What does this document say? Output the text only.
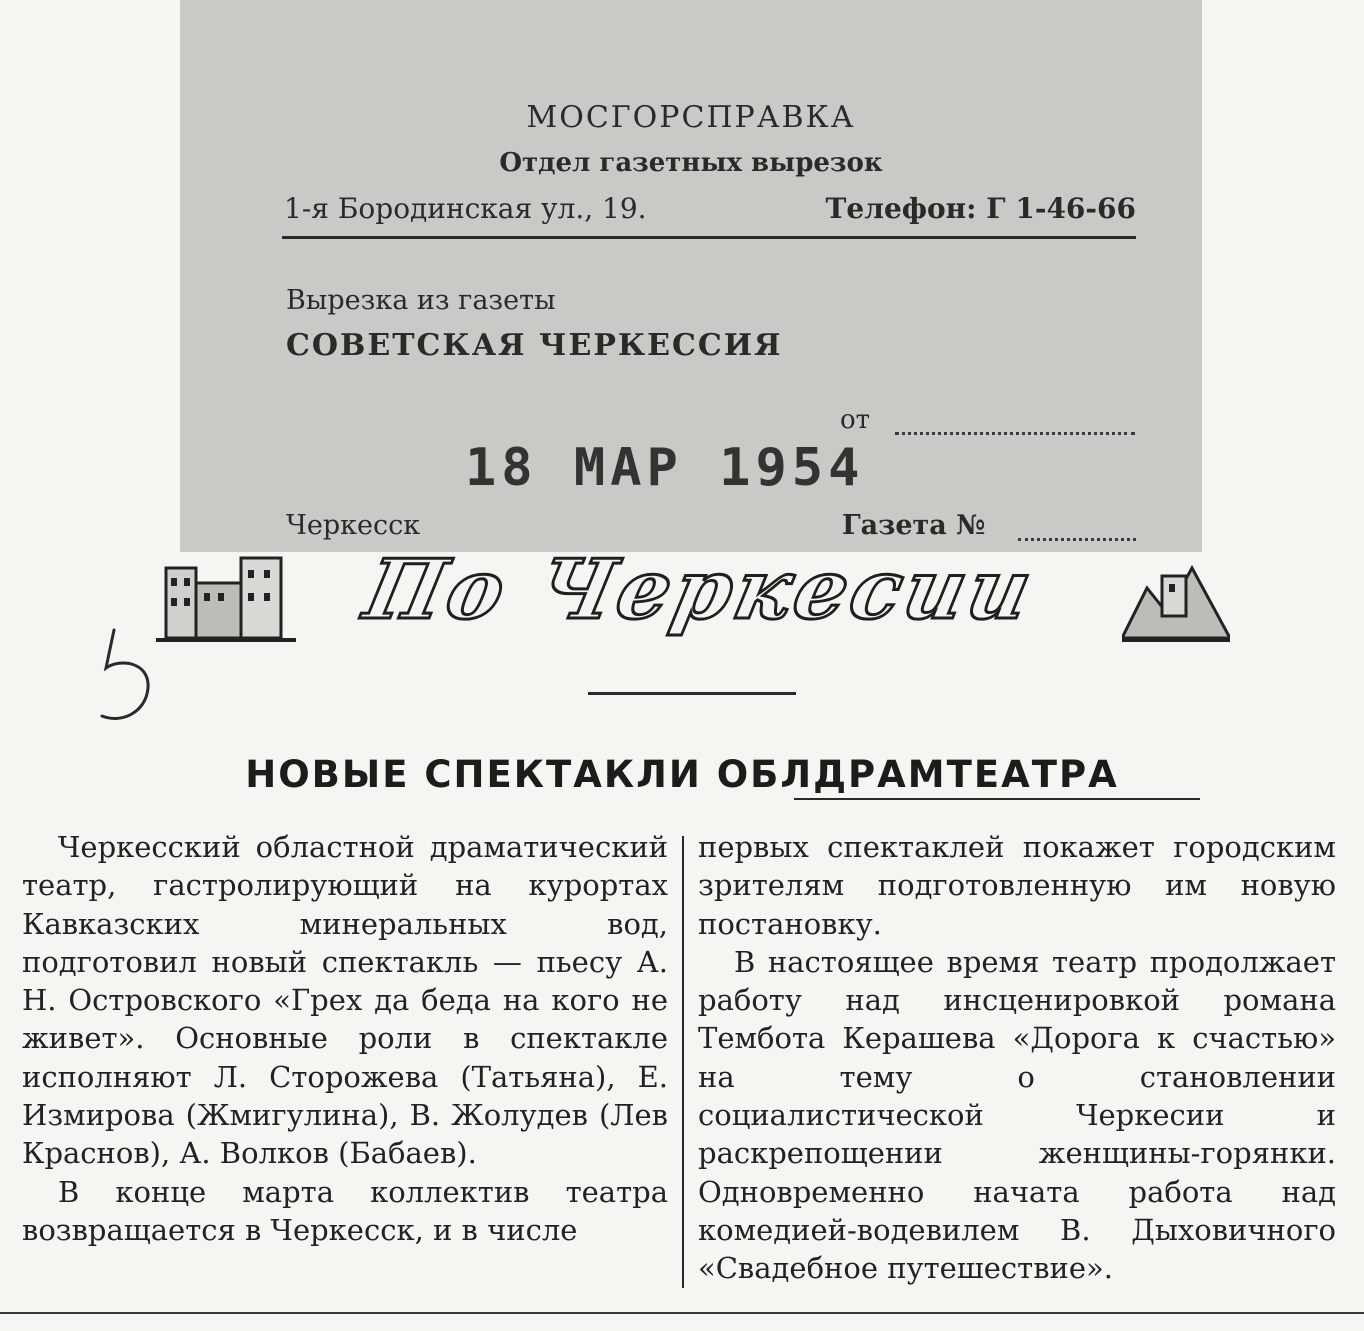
МОСГОРСПРАВКА
Отдел газетных вырезок
1-я Бородинская ул., 19.	Телефон: Г 1-46-66
Вырезка из газеты
СОВЕТСКАЯ ЧЕРКЕССИЯ
от
18 МАР 1954
Черкесск	Газета №
По Черкесии
НОВЫЕ СПЕКТАКЛИ ОБЛДРАМТЕАТРА

Черкесский областной драматический театр, гастролирующий на курортах Кавказских минеральных вод, подготовил новый спектакль — пьесу А. Н. Островского «Грех да беда на кого не живет». Основные роли в спектакле исполняют Л. Сторожева (Татьяна), Е. Измирова (Жмигулина), В. Жолудев (Лев Краснов), А. Волков (Бабаев).

В конце марта коллектив театра возвращается в Черкесск, и в числе

первых спектаклей покажет городским зрителям подготовленную им новую постановку.

В настоящее время театр продолжает работу над инсценировкой романа Тембота Керашева «Дорога к счастью» на тему о становлении социалистической Черкесии и раскрепощении женщины-горянки. Одновременно начата работа над комедией-водевилем В. Дыховичного «Свадебное путешествие».
